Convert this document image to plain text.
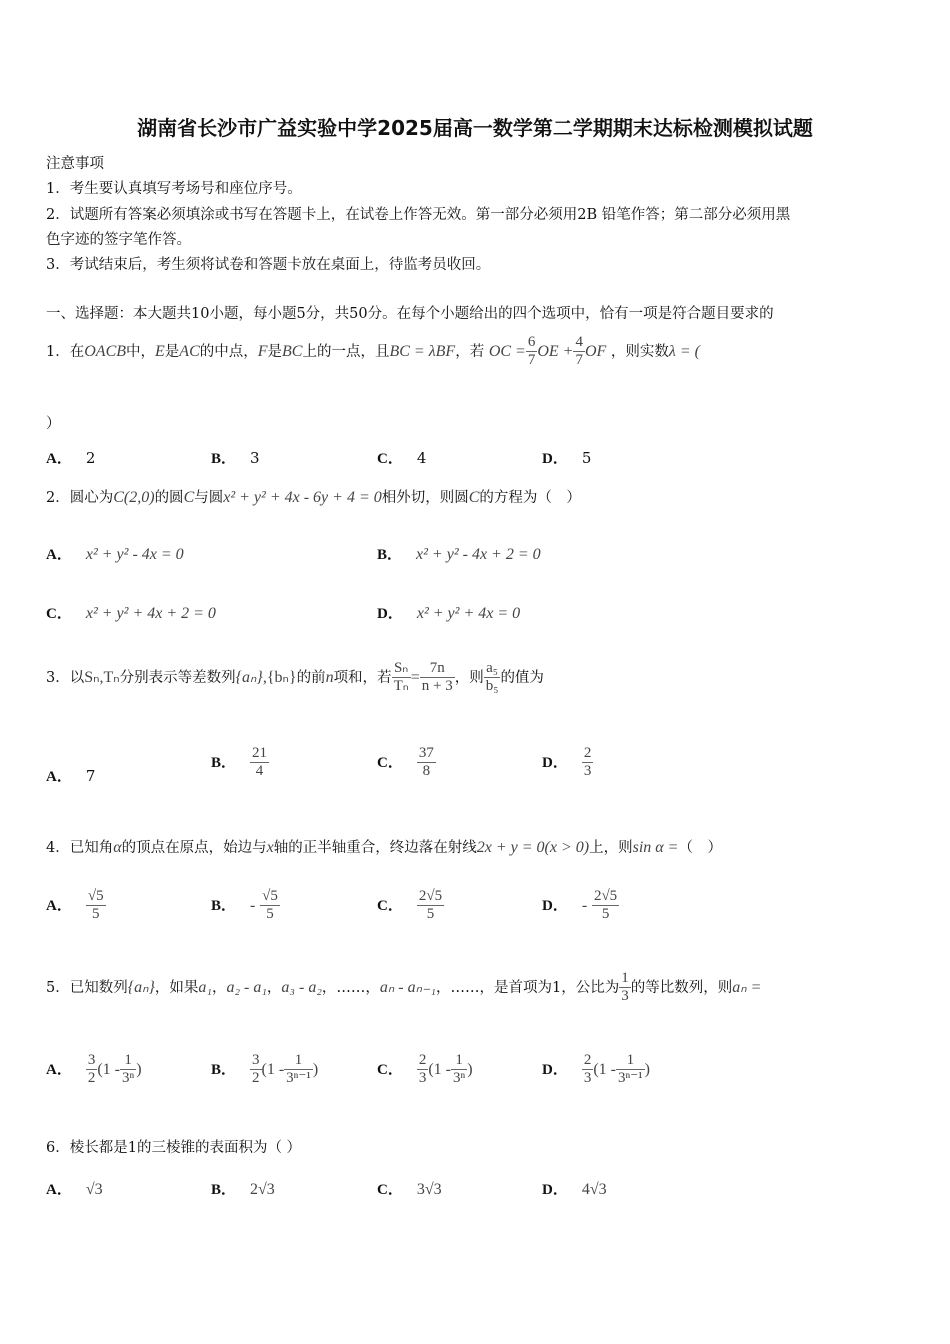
湖南省长沙市广益实验中学2025届高一数学第二学期期末达标检测模拟试题
注意事项
1．考生要认真填写考场号和座位序号。
2．试题所有答案必须填涂或书写在答题卡上，在试卷上作答无效。第一部分必须用2B 铅笔作答；第二部分必须用黑
色字迹的签字笔作答。
3．考试结束后，考生须将试卷和答题卡放在桌面上，待监考员收回。
一、选择题：本大题共10小题，每小题5分，共50分。在每个小题给出的四个选项中，恰有一项是符合题目要求的
1．在OACB中，E是AC的中点，F是BC上的一点，且BC = λBF，若 OC = $\frac{6}{7}$ OE + $\frac{4}{7}$ OF ，则实数λ = (
）
A． 2	B． 3	C． 4	D． 5
2．圆心为C(2,0)的圆C与圆x² + y² + 4x - 6y + 4 = 0相外切，则圆C的方程为（　）
A． x² + y² - 4x = 0	B． x² + y² - 4x + 2 = 0
C． x² + y² + 4x + 2 = 0	D． x² + y² + 4x = 0
3．以Sₙ,Tₙ分别表示等差数列{aₙ},{bₙ}的前n项和，若 $\frac{\text{Sₙ}}{\text{Tₙ}} = \frac{7n}{n + 3}$ ，则 $\frac{\text{a₅}}{\text{b₅}}$ 的值为
A． 7
B． $\frac{21}{4}$	C． $\frac{37}{8}$	D． $\frac{2}{3}$
4．已知角α的顶点在原点，始边与x轴的正半轴重合，终边落在射线2x + y = 0(x > 0)上，则sin α =（　）
A． $\frac{√5}{5}$	B． - $\frac{√5}{5}$	C． $\frac{2√5}{5}$	D． - $\frac{2√5}{5}$
5．已知数列{aₙ}，如果a₁，a₂ - a₁，a₃ - a₂，……，aₙ - aₙ₋₁，……，是首项为1，公比为 $\frac{1}{3}$ 的等比数列，则aₙ =
A． $\frac{3}{2} (1 - \frac{1}{\text{3ⁿ}}$ )	B． $\frac{3}{2} (1 - \frac{1}{\text{3ⁿ⁻¹}}$ )	C． $\frac{2}{3} (1 - \frac{1}{\text{3ⁿ}}$ )	D． $\frac{2}{3} (1 - \frac{1}{\text{3ⁿ⁻¹}}$ )
6．棱长都是1的三棱锥的表面积为（ ）
A． √3	B． 2√3	C． 3√3	D． 4√3
